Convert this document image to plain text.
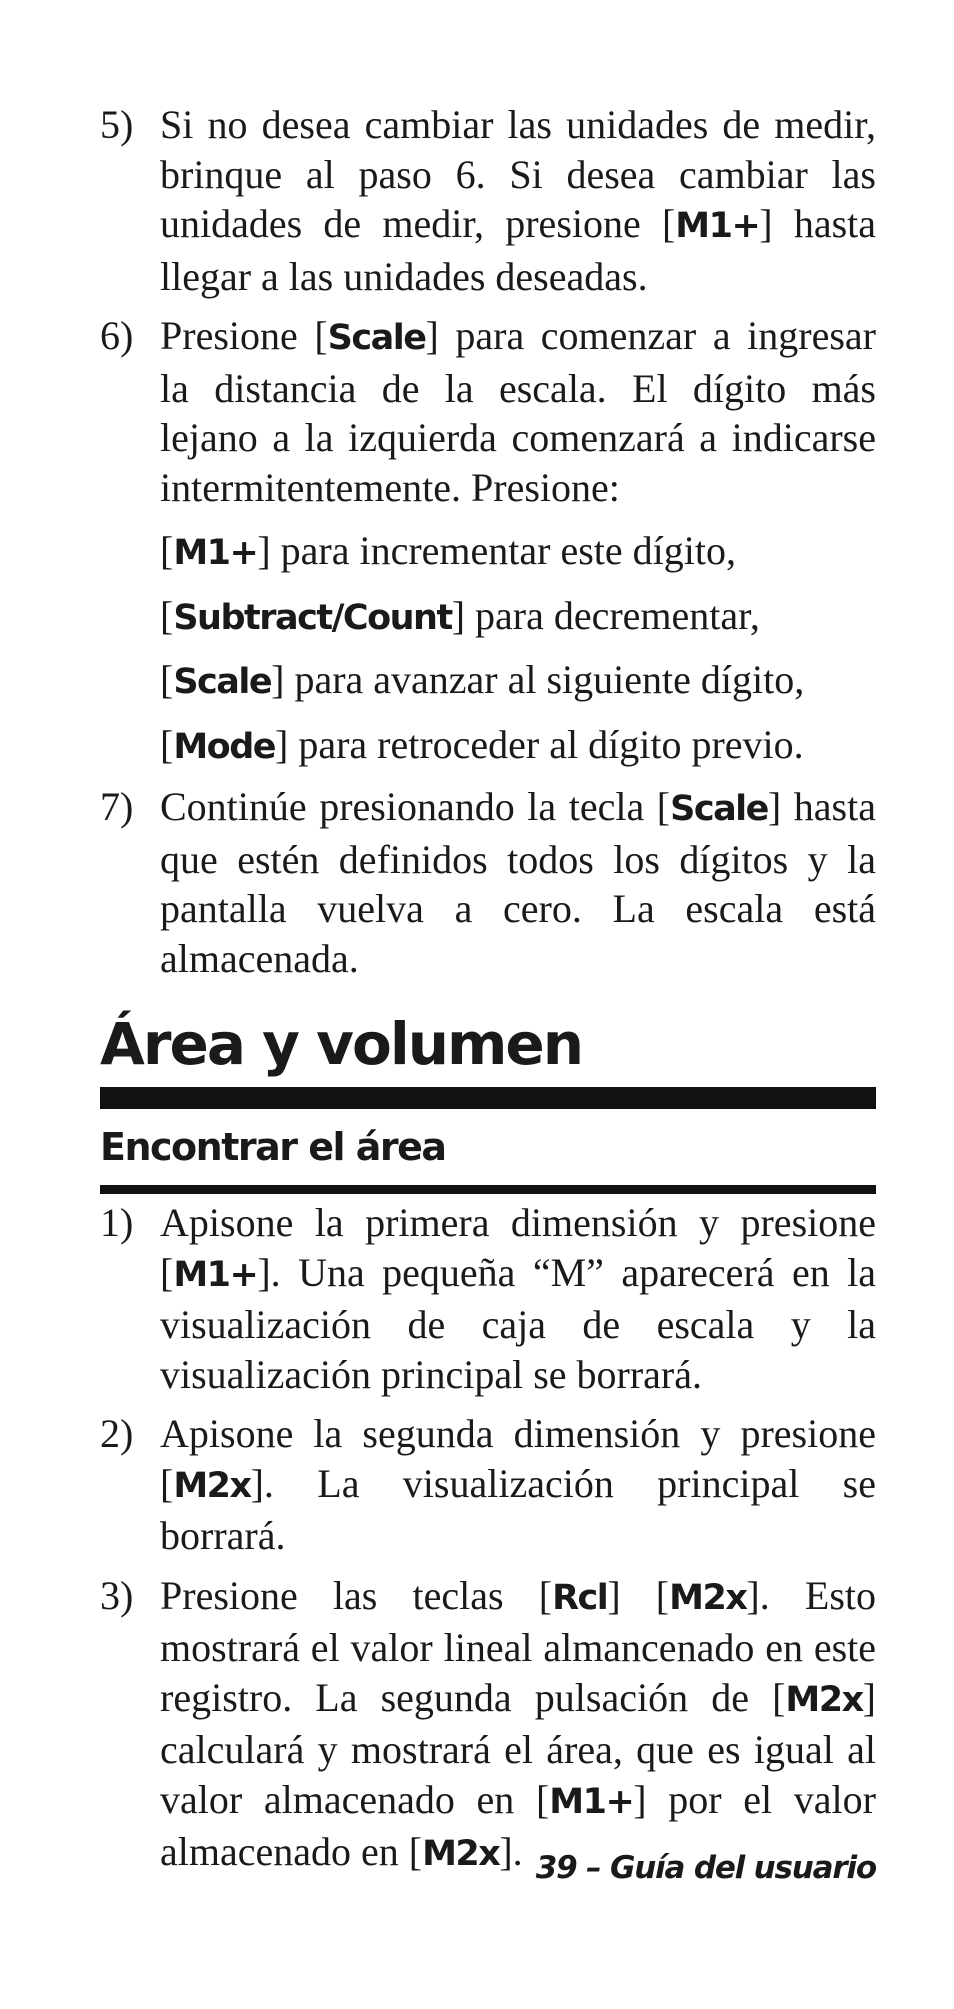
5) Si no desea cambiar las unidades de medir, brinque al paso 6. Si desea cambiar las unidades de medir, presione [M1+] hasta llegar a las unidades deseadas.
6) Presione [Scale] para comenzar a ingresar la distancia de la escala. El dígito más lejano a la izquierda comenzará a indicarse intermitentemente. Presione:
[M1+] para incrementar este dígito,
[Subtract/Count] para decrementar,
[Scale] para avanzar al siguiente dígito,
[Mode] para retroceder al dígito previo.
7) Continúe presionando la tecla [Scale] hasta que estén definidos todos los dígitos y la pantalla vuelva a cero. La escala está almacenada.
Área y volumen
Encontrar el área
1) Apisone la primera dimensión y presione [M1+]. Una pequeña “M” aparecerá en la visualización de caja de escala y la visualización principal se borrará.
2) Apisone la segunda dimensión y presione [M2x]. La visualización principal se borrará.
3) Presione las teclas [Rcl] [M2x]. Esto mostrará el valor lineal almancenado en este registro. La segunda pulsación de [M2x] calculará y mostrará el área, que es igual al valor almacenado en [M1+] por el valor almacenado en [M2x]. 39 – Guía del usuario
